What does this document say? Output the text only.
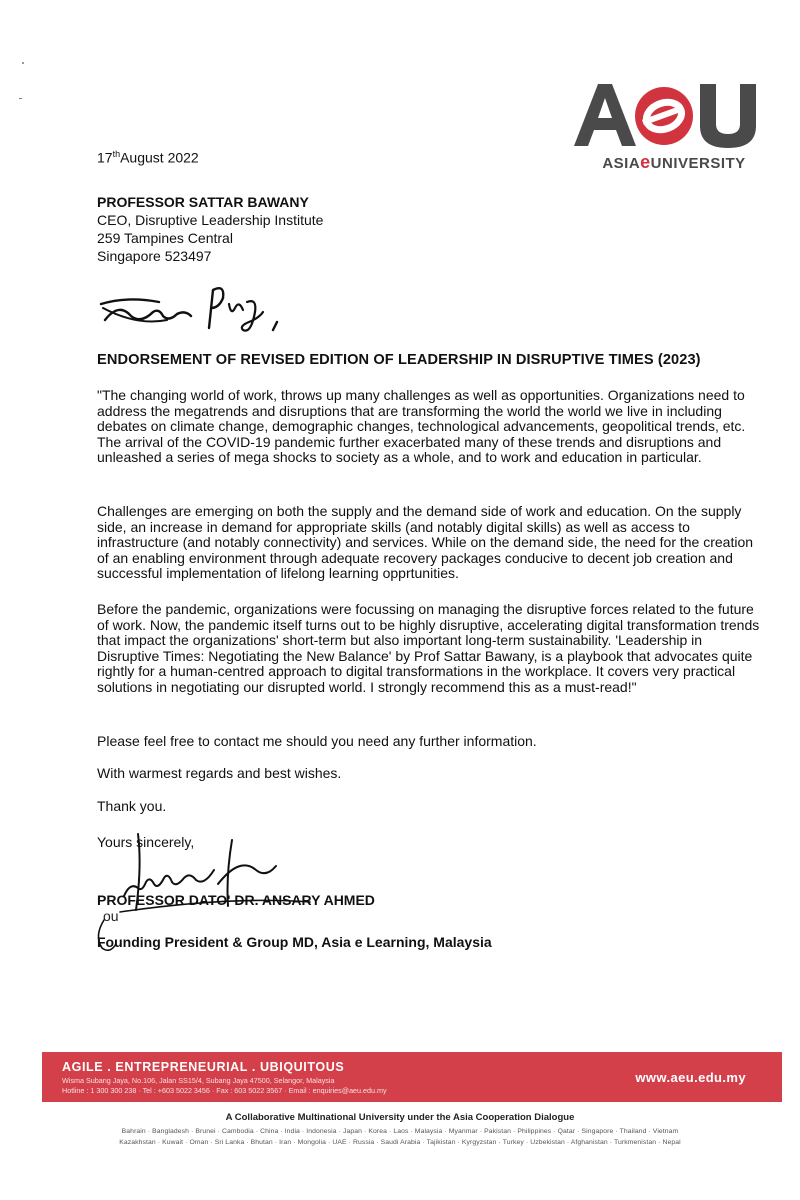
ASIAeUNIVERSITY
17thAugust 2022
PROFESSOR SATTAR BAWANY
CEO, Disruptive Leadership Institute
259 Tampines Central
Singapore 523497
ENDORSEMENT OF REVISED EDITION OF LEADERSHIP IN DISRUPTIVE TIMES (2023)

"The changing world of work, throws up many challenges as well as opportunities. Organizations need to address the megatrends and disruptions that are transforming the world the world we live in including debates on climate change, demographic changes, technological advancements, geopolitical trends, etc. The arrival of the COVID-19 pandemic further exacerbated many of these trends and disruptions and unleashed a series of mega shocks to society as a whole, and to work and education in particular.

Challenges are emerging on both the supply and the demand side of work and education. On the supply side, an increase in demand for appropriate skills (and notably digital skills) as well as access to infrastructure (and notably connectivity) and services. While on the demand side, the need for the creation of an enabling environment through adequate recovery packages conducive to decent job creation and successful implementation of lifelong learning opprtunities.

Before the pandemic, organizations were focussing on managing the disruptive forces related to the future of work. Now, the pandemic itself turns out to be highly disruptive, accelerating digital transformation trends that impact the organizations' short-term but also important long-term sustainability. 'Leadership in Disruptive Times: Negotiating the New Balance' by Prof Sattar Bawany, is a playbook that advocates quite rightly for a human-centred approach to digital transformations in the workplace. It covers very practical solutions in negotiating our disrupted world. I strongly recommend this as a must-read!"

Please feel free to contact me should you need any further information.

With warmest regards and best wishes.

Thank you.

Yours sincerely,

PROFESSOR DATO' DR. ANSARY AHMED
ou
Founding President & Group MD, Asia e Learning, Malaysia
AGILE . ENTREPRENEURIAL . UBIQUITOUS
Wisma Subang Jaya, No.106, Jalan SS15/4, Subang Jaya 47500, Selangor, Malaysia
Hotline : 1 300 300 238 · Tel : +603 5022 3456 · Fax : 603 5022 3567 · Email : enquiries@aeu.edu.my
www.aeu.edu.my
A Collaborative Multinational University under the Asia Cooperation Dialogue
Bahrain · Bangladesh · Brunei · Cambodia · China · India · Indonesia · Japan · Korea · Laos · Malaysia · Myanmar · Pakistan · Philippines · Qatar · Singapore · Thailand · Vietnam
Kazakhstan · Kuwait · Oman · Sri Lanka · Bhutan · Iran · Mongolia · UAE · Russia · Saudi Arabia · Tajikistan · Kyrgyzstan · Turkey · Uzbekistan · Afghanistan · Turkmenistan · Nepal
